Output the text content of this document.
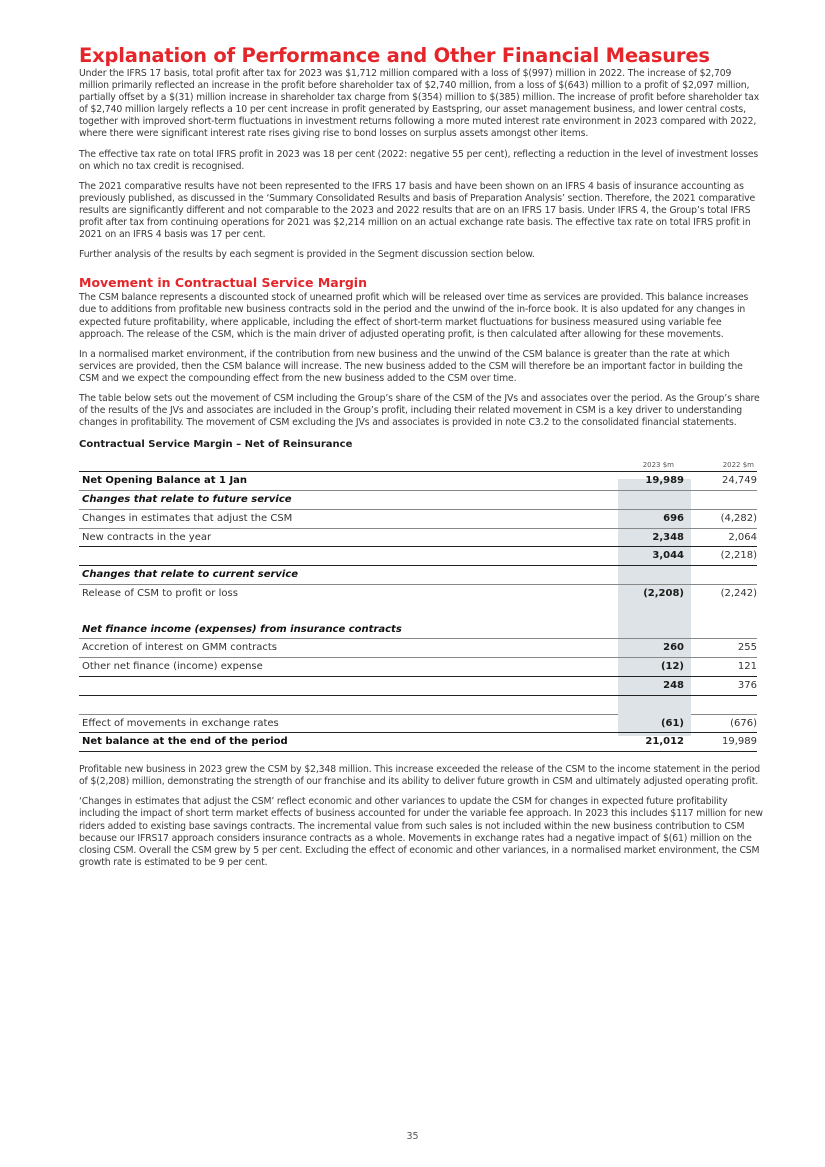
Explanation of Performance and Other Financial Measures

Under the IFRS 17 basis, total profit after tax for 2023 was $1,712 million compared with a loss of $(997) million in 2022. The increase of $2,709 million primarily reflected an increase in the profit before shareholder tax of $2,740 million, from a loss of $(643) million to a profit of $2,097 million, partially offset by a $(31) million increase in shareholder tax charge from $(354) million to $(385) million. The increase of profit before shareholder tax of $2,740 million largely reflects a 10 per cent increase in profit generated by Eastspring, our asset management business, and lower central costs, together with improved short-term fluctuations in investment returns following a more muted interest rate environment in 2023 compared with 2022, where there were significant interest rate rises giving rise to bond losses on surplus assets amongst other items.

The effective tax rate on total IFRS profit in 2023 was 18 per cent (2022: negative 55 per cent), reflecting a reduction in the level of investment losses on which no tax credit is recognised.

The 2021 comparative results have not been represented to the IFRS 17 basis and have been shown on an IFRS 4 basis of insurance accounting as previously published, as discussed in the ‘Summary Consolidated Results and basis of Preparation Analysis’ section. Therefore, the 2021 comparative results are significantly different and not comparable to the 2023 and 2022 results that are on an IFRS 17 basis. Under IFRS 4, the Group’s total IFRS profit after tax from continuing operations for 2021 was $2,214 million on an actual exchange rate basis. The effective tax rate on total IFRS profit in 2021 on an IFRS 4 basis was 17 per cent.

Further analysis of the results by each segment is provided in the Segment discussion section below.

Movement in Contractual Service Margin

The CSM balance represents a discounted stock of unearned profit which will be released over time as services are provided. This balance increases due to additions from profitable new business contracts sold in the period and the unwind of the in-force book. It is also updated for any changes in expected future profitability, where applicable, including the effect of short-term market fluctuations for business measured using variable fee approach. The release of the CSM, which is the main driver of adjusted operating profit, is then calculated after allowing for these movements.

In a normalised market environment, if the contribution from new business and the unwind of the CSM balance is greater than the rate at which services are provided, then the CSM balance will increase. The new business added to the CSM will therefore be an important factor in building the CSM and we expect the compounding effect from the new business added to the CSM over time.

The table below sets out the movement of CSM including the Group’s share of the CSM of the JVs and associates over the period. As the Group’s share of the results of the JVs and associates are included in the Group’s profit, including their related movement in CSM is a key driver to understanding changes in profitability. The movement of CSM excluding the JVs and associates is provided in note C3.2 to the consolidated financial statements.

Contractual Service Margin – Net of Reinsurance
2023 $m	2022 $m
Net Opening Balance at 1 Jan	19,989	24,749
Changes that relate to future service
Changes in estimates that adjust the CSM	696	(4,282)
New contracts in the year	2,348	2,064
3,044	(2,218)
Changes that relate to current service
Release of CSM to profit or loss	(2,208)	(2,242)
Net finance income (expenses) from insurance contracts
Accretion of interest on GMM contracts	260	255
Other net finance (income) expense	(12)	121
248	376
Effect of movements in exchange rates	(61)	(676)
Net balance at the end of the period	21,012	19,989

Profitable new business in 2023 grew the CSM by $2,348 million. This increase exceeded the release of the CSM to the income statement in the period of $(2,208) million, demonstrating the strength of our franchise and its ability to deliver future growth in CSM and ultimately adjusted operating profit.

‘Changes in estimates that adjust the CSM’ reflect economic and other variances to update the CSM for changes in expected future profitability including the impact of short term market effects of business accounted for under the variable fee approach. In 2023 this includes $117 million for new riders added to existing base savings contracts. The incremental value from such sales is not included within the new business contribution to CSM because our IFRS17 approach considers insurance contracts as a whole. Movements in exchange rates had a negative impact of $(61) million on the closing CSM. Overall the CSM grew by 5 per cent. Excluding the effect of economic and other variances, in a normalised market environment, the CSM growth rate is estimated to be 9 per cent.

35
